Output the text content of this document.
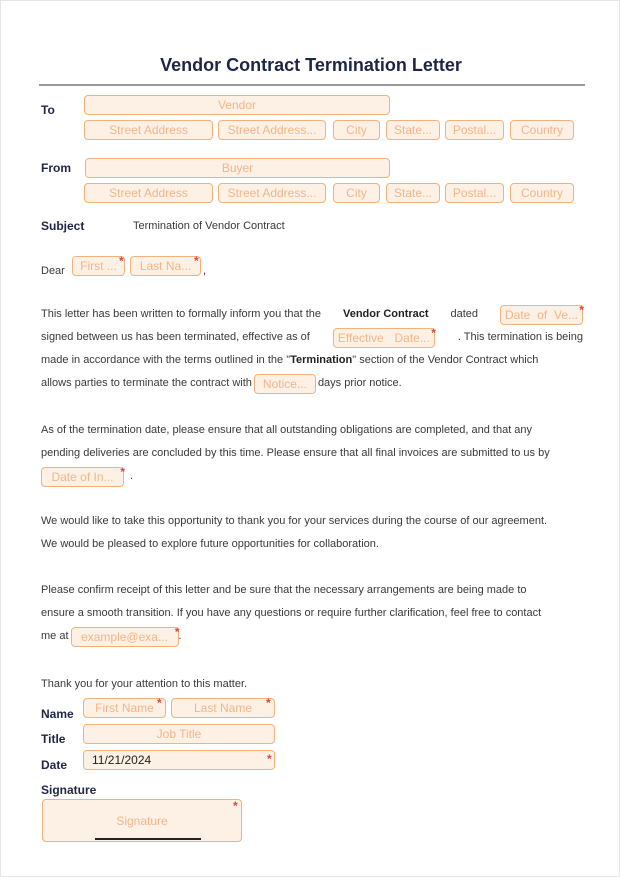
Vendor Contract Termination Letter
To	Vendor
Street Address	Street Address...	City	State...	Postal...	Country
From	Buyer
Street Address	Street Address...	City	State...	Postal...	Country
Subject	Termination of Vendor Contract
Dear	First ... *	Last Na... *
,
This letter has been written to formally inform you that the Vendor Contract dated	Date of Ve... *
signed between us has been terminated, effective as of	Effective Date... * . This termination is being
made in accordance with the terms outlined in the "Termination" section of the Vendor Contract which
allows parties to terminate the contract with Notice...	days prior notice.
As of the termination date, please ensure that all outstanding obligations are completed, and that any
pending deliveries are concluded by this time. Please ensure that all final invoices are submitted to us by
Date of In... * .
We would like to take this opportunity to thank you for your services during the course of our agreement.
We would be pleased to explore future opportunities for collaboration.
Please confirm receipt of this letter and be sure that the necessary arrangements are being made to
ensure a smooth transition. If you have any questions or require further clarification, feel free to contact
me at	example@exa... * .
Thank you for your attention to this matter.
Name	First Name *	Last Name	*
Title	Job Title
Date	11/21/2024	*
Signature
Signature
*
